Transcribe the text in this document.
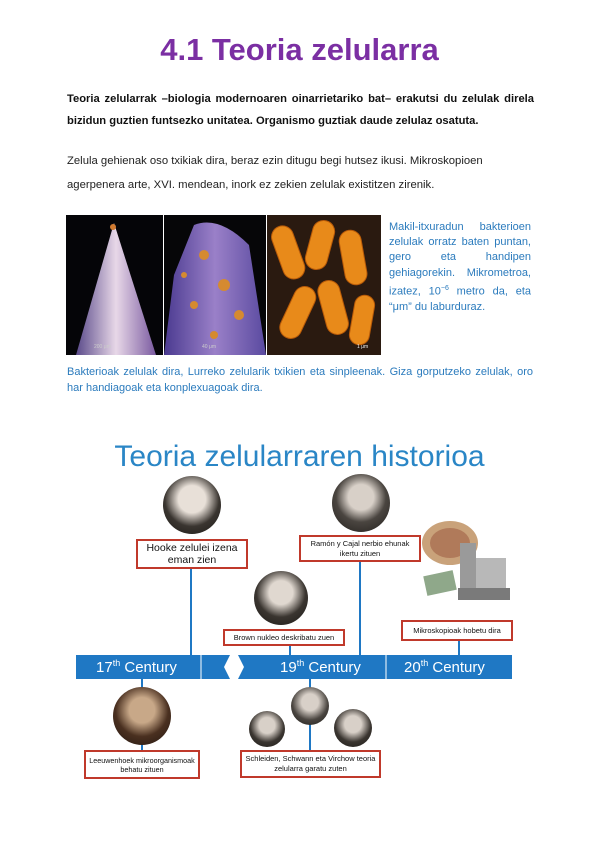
4.1 Teoria zelularra
Teoria zelularrak –biologia modernoaren oinarrietariko bat– erakutsi du zelulak direla bizidun guztien funtsezko unitatea. Organismo guztiak daude zelulaz osatuta.
Zelula gehienak oso txikiak dira, beraz ezin ditugu begi hutsez ikusi. Mikroskopioen agerpenera arte, XVI. mendean, inork ez zekien zelulak existitzen zirenik.
200 μm	40 μm	1 μm
Makil-itxuradun bakterioen zelulak orratz baten puntan, gero eta handipen gehiagorekin. Mikrometroa, izatez, $10^{-6}$ metro da, eta “μm” du laburduraz.
Bakterioak zelulak dira, Lurreko zelularik txikien eta sinpleenak. Giza gorputzeko zelulak, oro har handiagoak eta konplexuagoak dira.
Teoria zelularraren historioa
17th Century	19th Century	20th Century
Hooke zelulei izena eman zien
Ramón y Cajal nerbio ehunak ikertu zituen
Brown nukleo deskribatu zuen
Mikroskopioak hobetu dira
Leeuwenhoek mikroorganismoak behatu zituen
Schleiden, Schwann eta Virchow teoria zelularra garatu zuten
